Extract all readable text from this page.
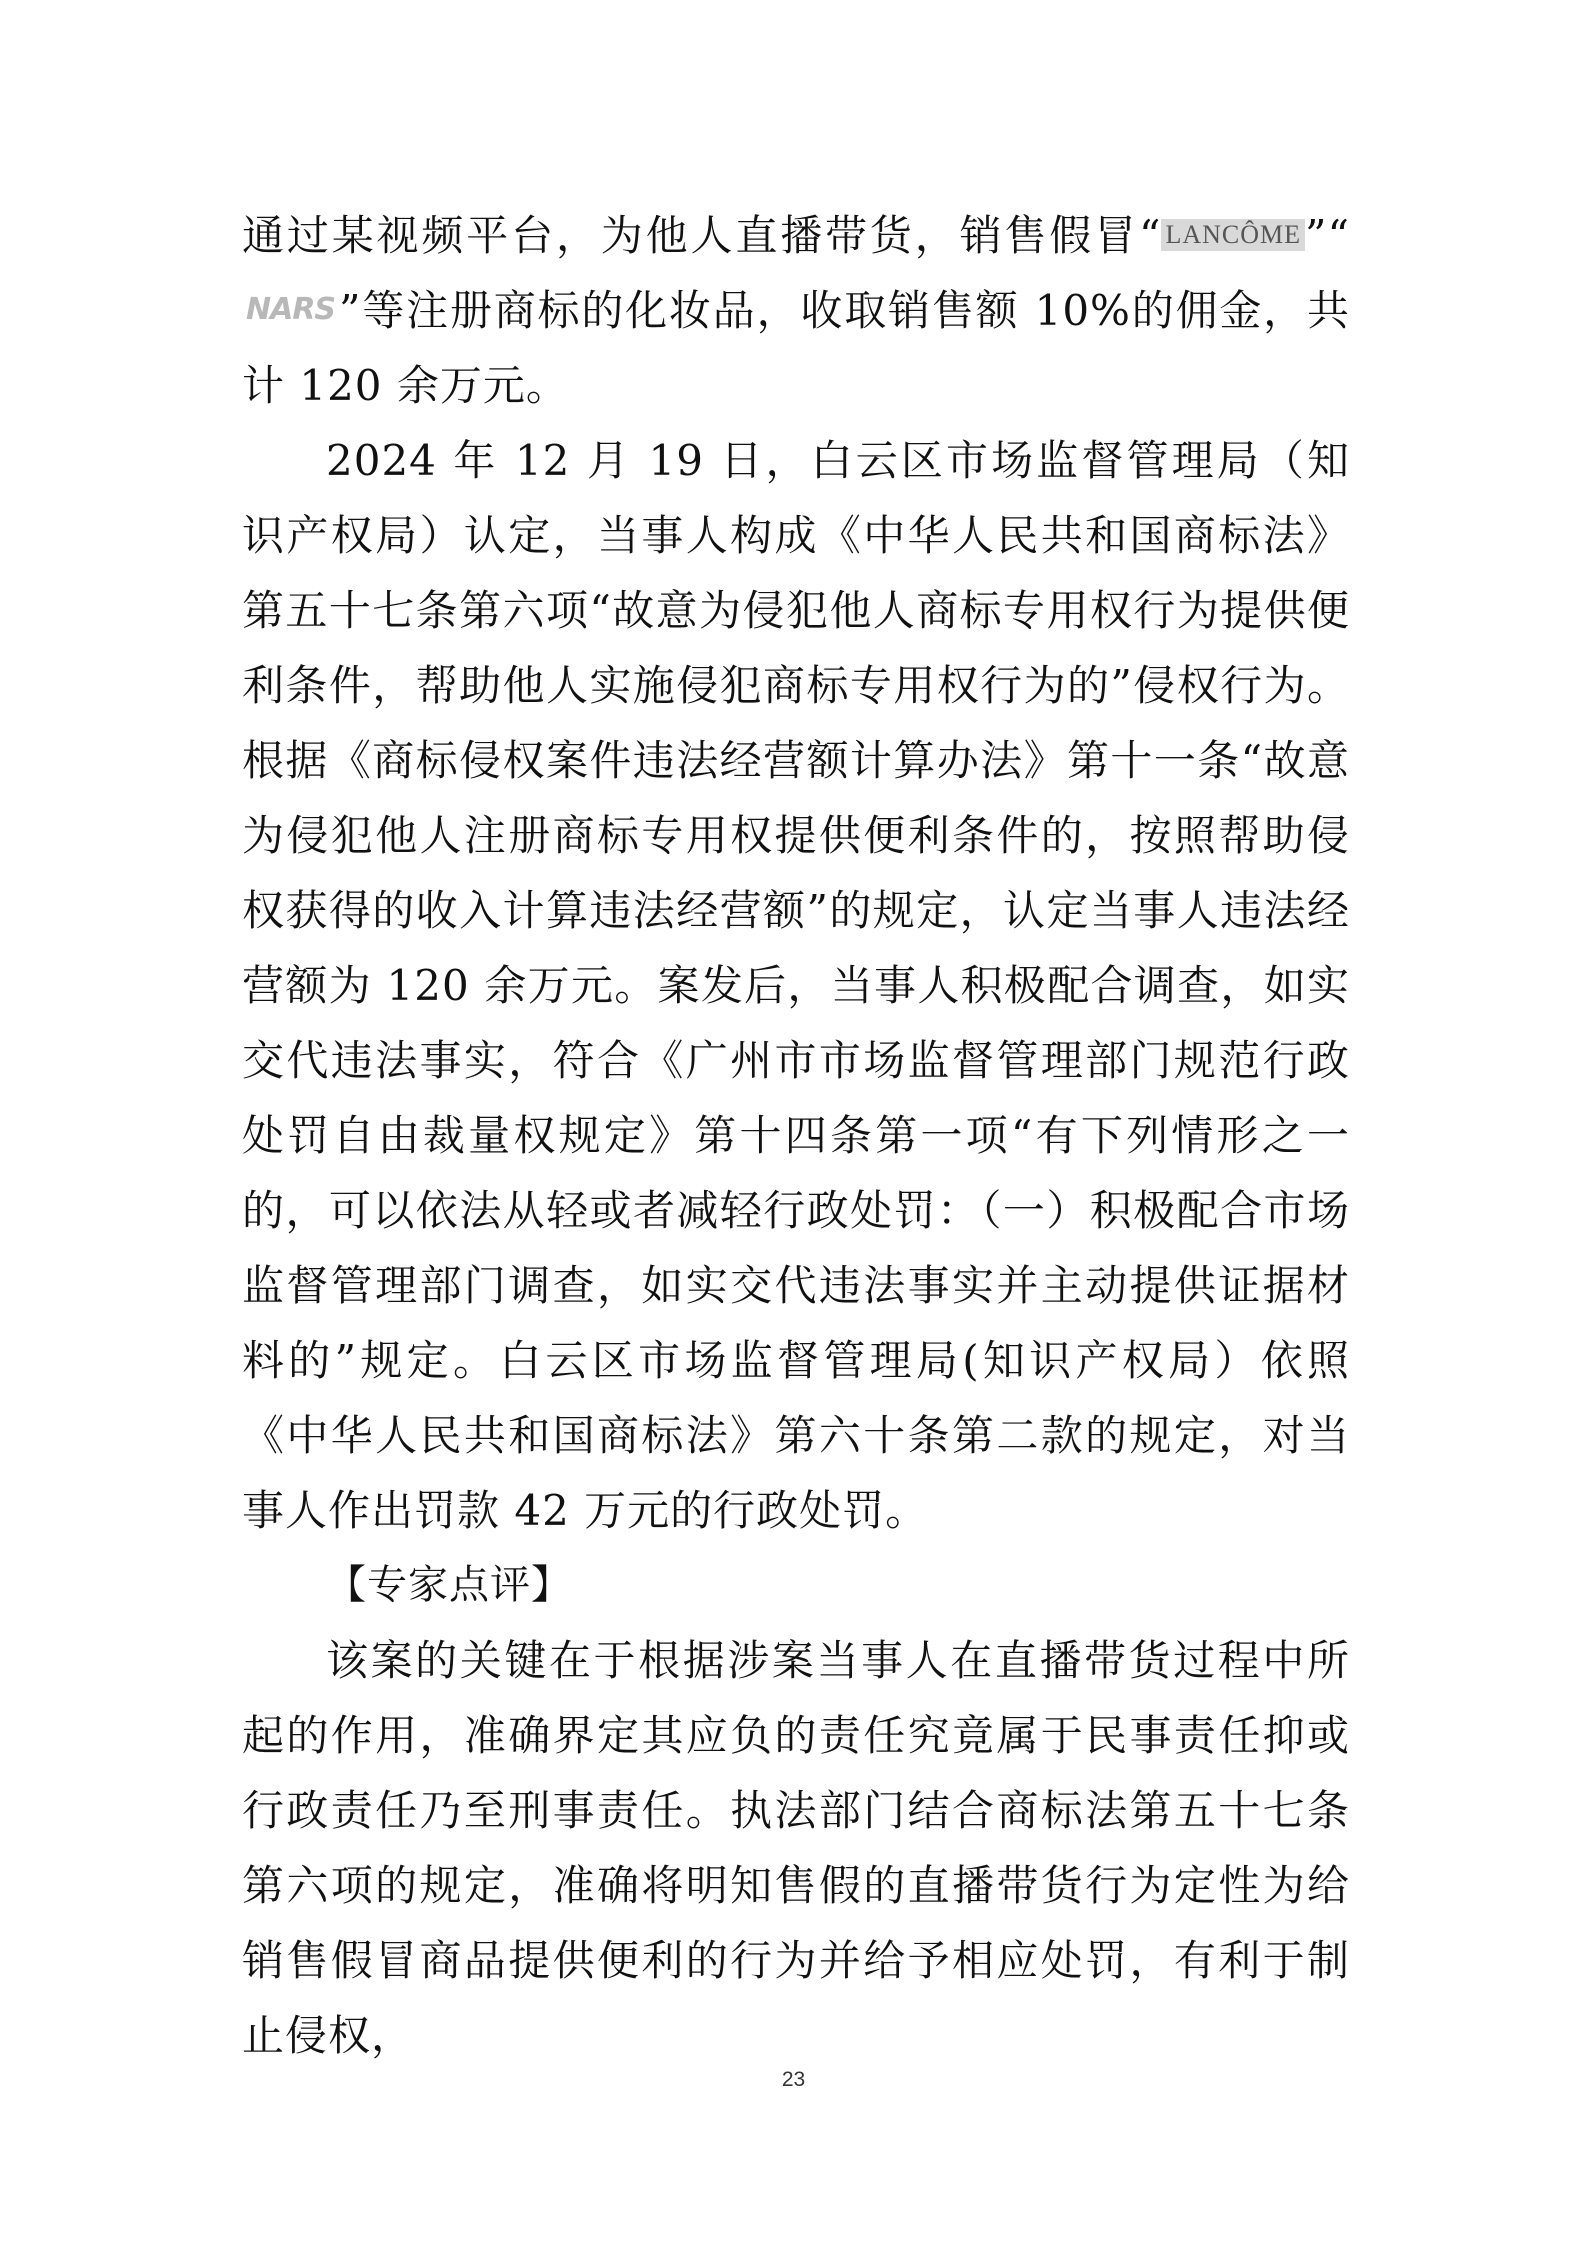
通过某视频平台，为他人直播带货，销售假冒“ LANCÔME”“NARS”等注册商标的化妆品，收取销售额 10%的佣金，共计 120 余万元。

2024 年 12 月 19 日，白云区市场监督管理局（知识产权局）认定，当事人构成《中华人民共和国商标法》第五十七条第六项“故意为侵犯他人商标专用权行为提供便利条件，帮助他人实施侵犯商标专用权行为的”侵权行为。根据《商标侵权案件违法经营额计算办法》第十一条“故意为侵犯他人注册商标专用权提供便利条件的，按照帮助侵权获得的收入计算违法经营额”的规定，认定当事人违法经营额为 120 余万元。案发后，当事人积极配合调查，如实交代违法事实，符合《广州市市场监督管理部门规范行政处罚自由裁量权规定》第十四条第一项“有下列情形之一的，可以依法从轻或者减轻行政处罚：（一）积极配合市场监督管理部门调查，如实交代违法事实并主动提供证据材料的”规定。白云区市场监督管理局(知识产权局）依照《中华人民共和国商标法》第六十条第二款的规定，对当事人作出罚款 42 万元的行政处罚。

【专家点评】

该案的关键在于根据涉案当事人在直播带货过程中所起的作用，准确界定其应负的责任究竟属于民事责任抑或行政责任乃至刑事责任。执法部门结合商标法第五十七条第六项的规定，准确将明知售假的直播带货行为定性为给销售假冒商品提供便利的行为并给予相应处罚，有利于制止侵权，

23
